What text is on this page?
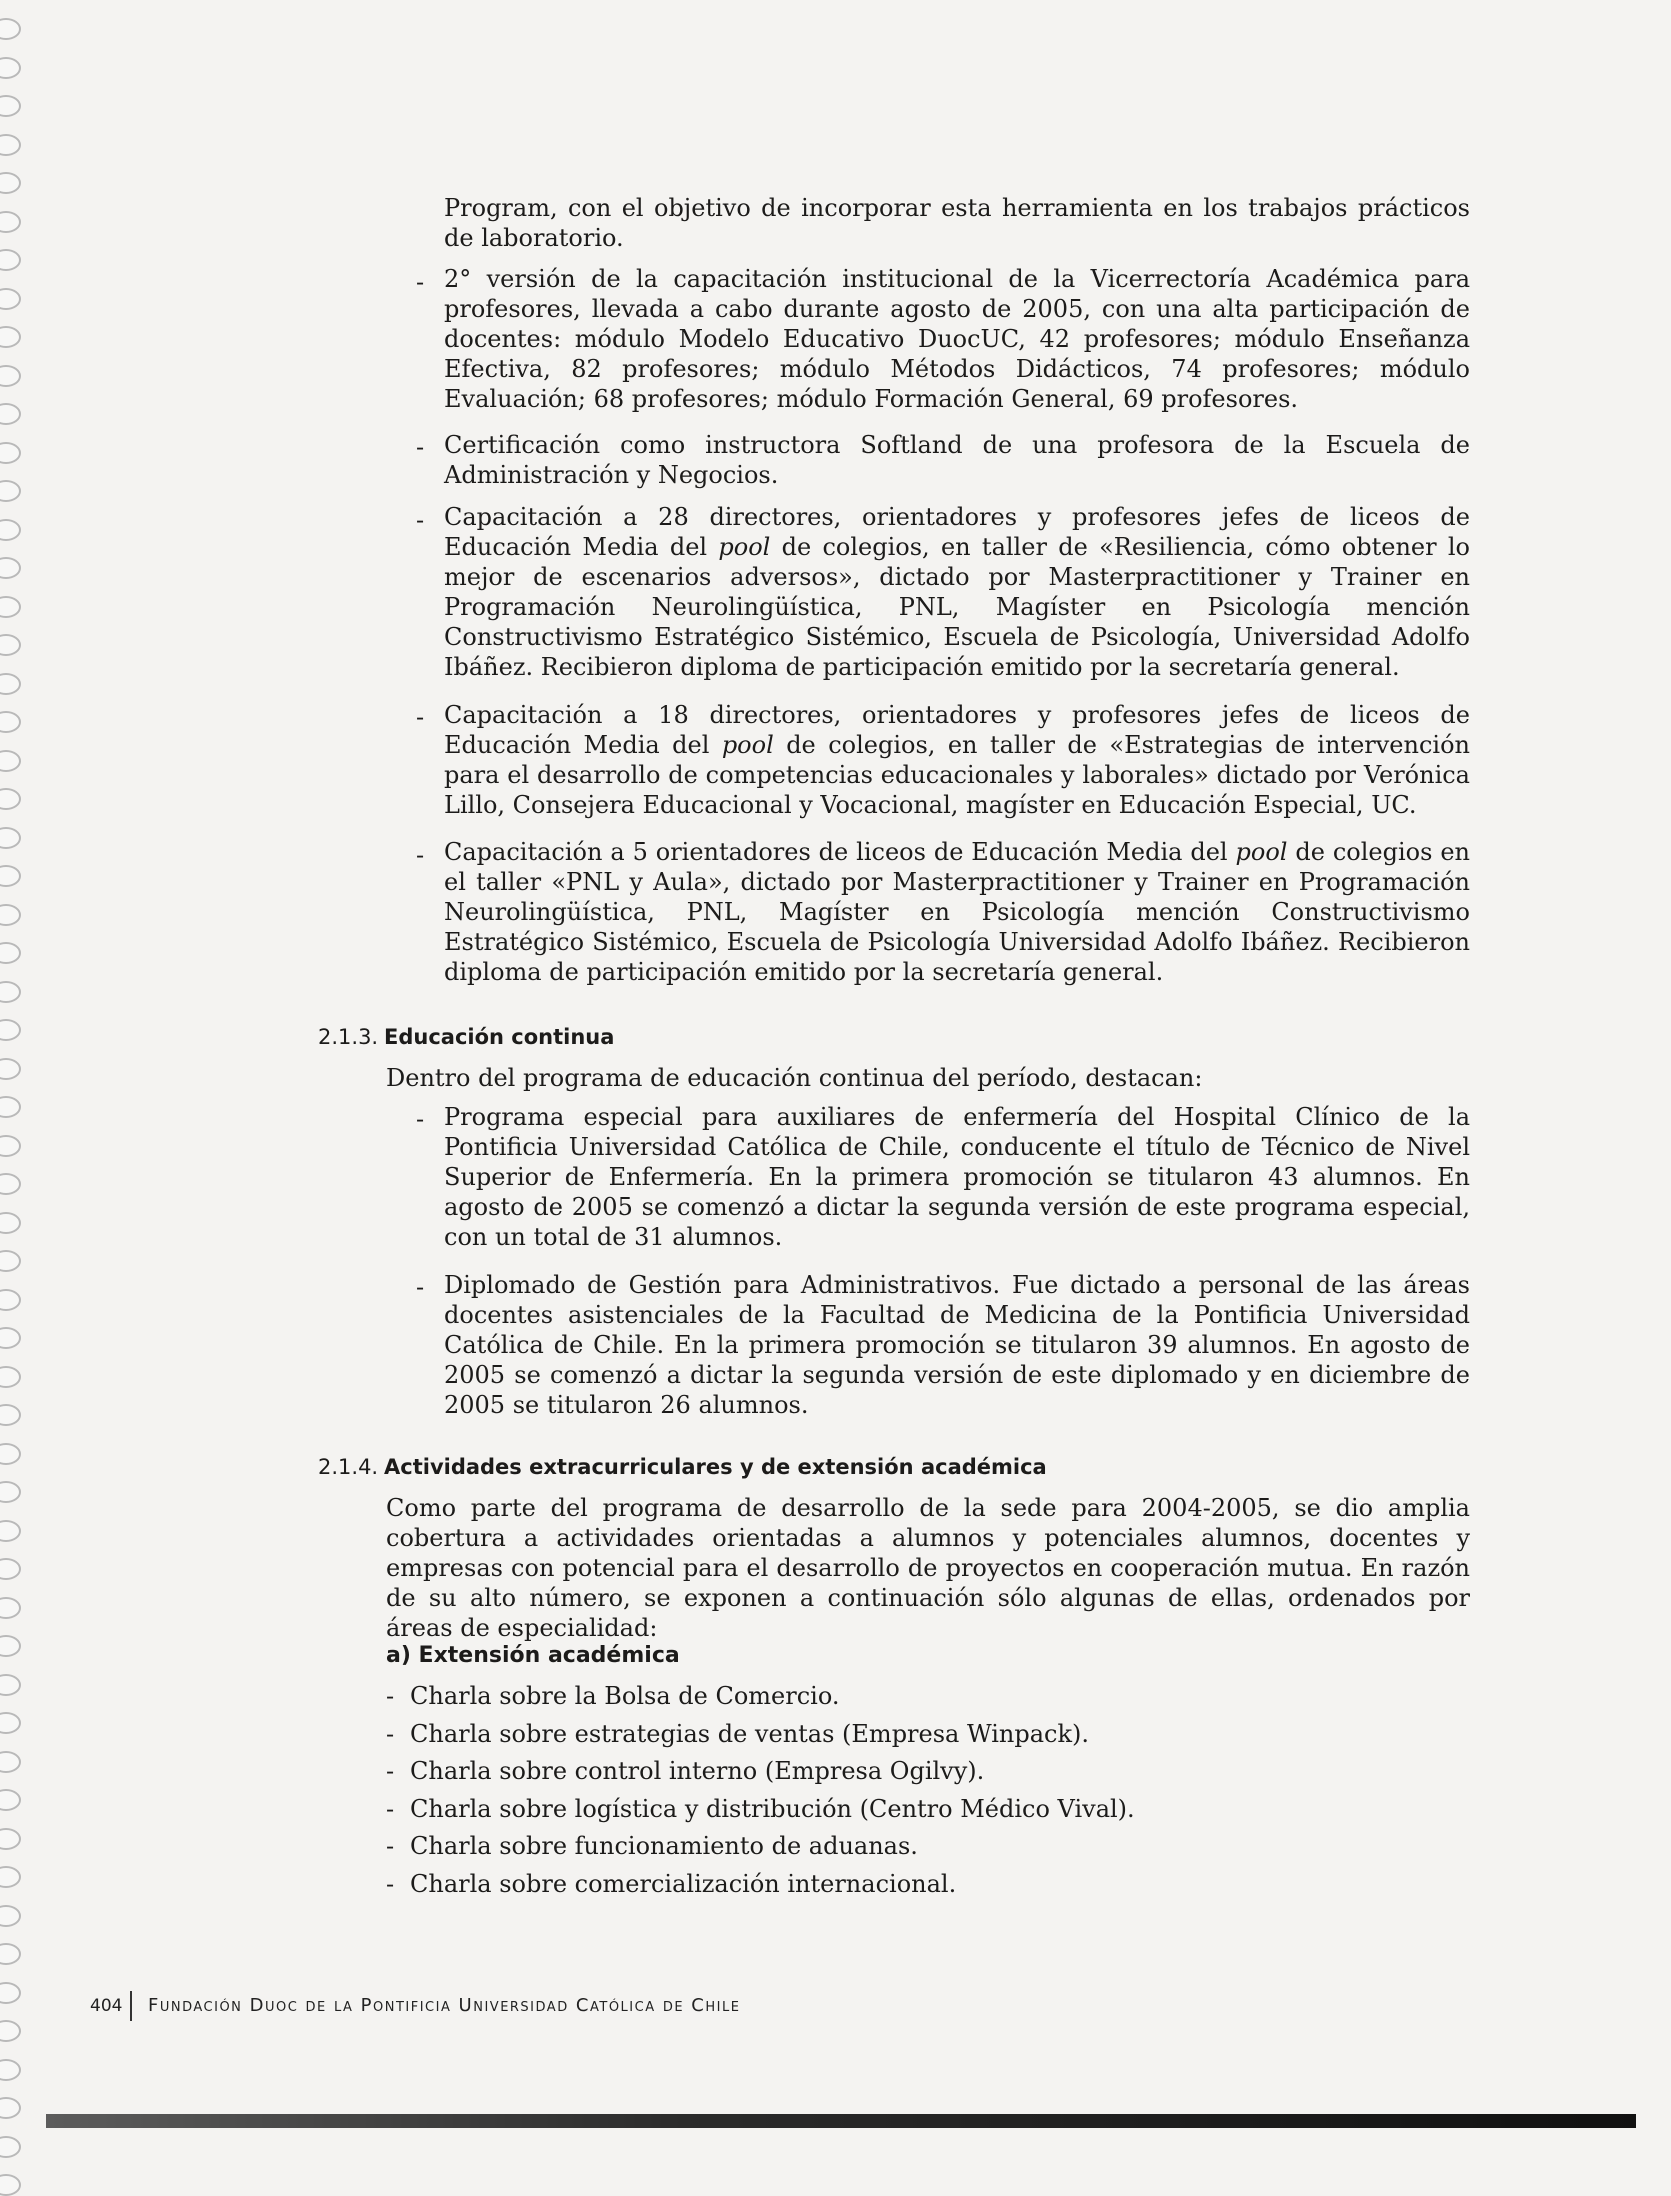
Program, con el objetivo de incorporar esta herramienta en los trabajos prácticos de laboratorio.

- 2° versión de la capacitación institucional de la Vicerrectoría Académica para profesores, llevada a cabo durante agosto de 2005, con una alta participación de docentes: módulo Modelo Educativo DuocUC, 42 profesores; módulo Enseñanza Efectiva, 82 profesores; módulo Métodos Didácticos, 74 profesores; módulo Evaluación; 68 profesores; módulo Formación General, 69 profesores.

- Certificación como instructora Softland de una profesora de la Escuela de Administración y Negocios.

- Capacitación a 28 directores, orientadores y profesores jefes de liceos de Educación Media del pool de colegios, en taller de «Resiliencia, cómo obtener lo mejor de escenarios adversos», dictado por Masterpractitioner y Trainer en Programación Neurolingüística, PNL, Magíster en Psicología mención Constructivismo Estratégico Sistémico, Escuela de Psicología, Universidad Adolfo Ibáñez. Recibieron diploma de participación emitido por la secretaría general.

- Capacitación a 18 directores, orientadores y profesores jefes de liceos de Educación Media del pool de colegios, en taller de «Estrategias de intervención para el desarrollo de competencias educacionales y laborales» dictado por Verónica Lillo, Consejera Educacional y Vocacional, magíster en Educación Especial, UC.

- Capacitación a 5 orientadores de liceos de Educación Media del pool de colegios en el taller «PNL y Aula», dictado por Masterpractitioner y Trainer en Programación Neurolingüística, PNL, Magíster en Psicología mención Constructivismo Estratégico Sistémico, Escuela de Psicología Universidad Adolfo Ibáñez. Recibieron diploma de participación emitido por la secretaría general.

2.1.3. Educación continua

Dentro del programa de educación continua del período, destacan:

- Programa especial para auxiliares de enfermería del Hospital Clínico de la Pontificia Universidad Católica de Chile, conducente el título de Técnico de Nivel Superior de Enfermería. En la primera promoción se titularon 43 alumnos. En agosto de 2005 se comenzó a dictar la segunda versión de este programa especial, con un total de 31 alumnos.

- Diplomado de Gestión para Administrativos. Fue dictado a personal de las áreas docentes asistenciales de la Facultad de Medicina de la Pontificia Universidad Católica de Chile. En la primera promoción se titularon 39 alumnos. En agosto de 2005 se comenzó a dictar la segunda versión de este diplomado y en diciembre de 2005 se titularon 26 alumnos.

2.1.4. Actividades extracurriculares y de extensión académica

Como parte del programa de desarrollo de la sede para 2004-2005, se dio amplia cobertura a actividades orientadas a alumnos y potenciales alumnos, docentes y empresas con potencial para el desarrollo de proyectos en cooperación mutua. En razón de su alto número, se exponen a continuación sólo algunas de ellas, ordenados por áreas de especialidad:

a) Extensión académica
- Charla sobre la Bolsa de Comercio.

- Charla sobre estrategias de ventas (Empresa Winpack).

- Charla sobre control interno (Empresa Ogilvy).

- Charla sobre logística y distribución (Centro Médico Vival).

- Charla sobre funcionamiento de aduanas.

- Charla sobre comercialización internacional.

404 Fundación Duoc de la Pontificia Universidad Católica de Chile
